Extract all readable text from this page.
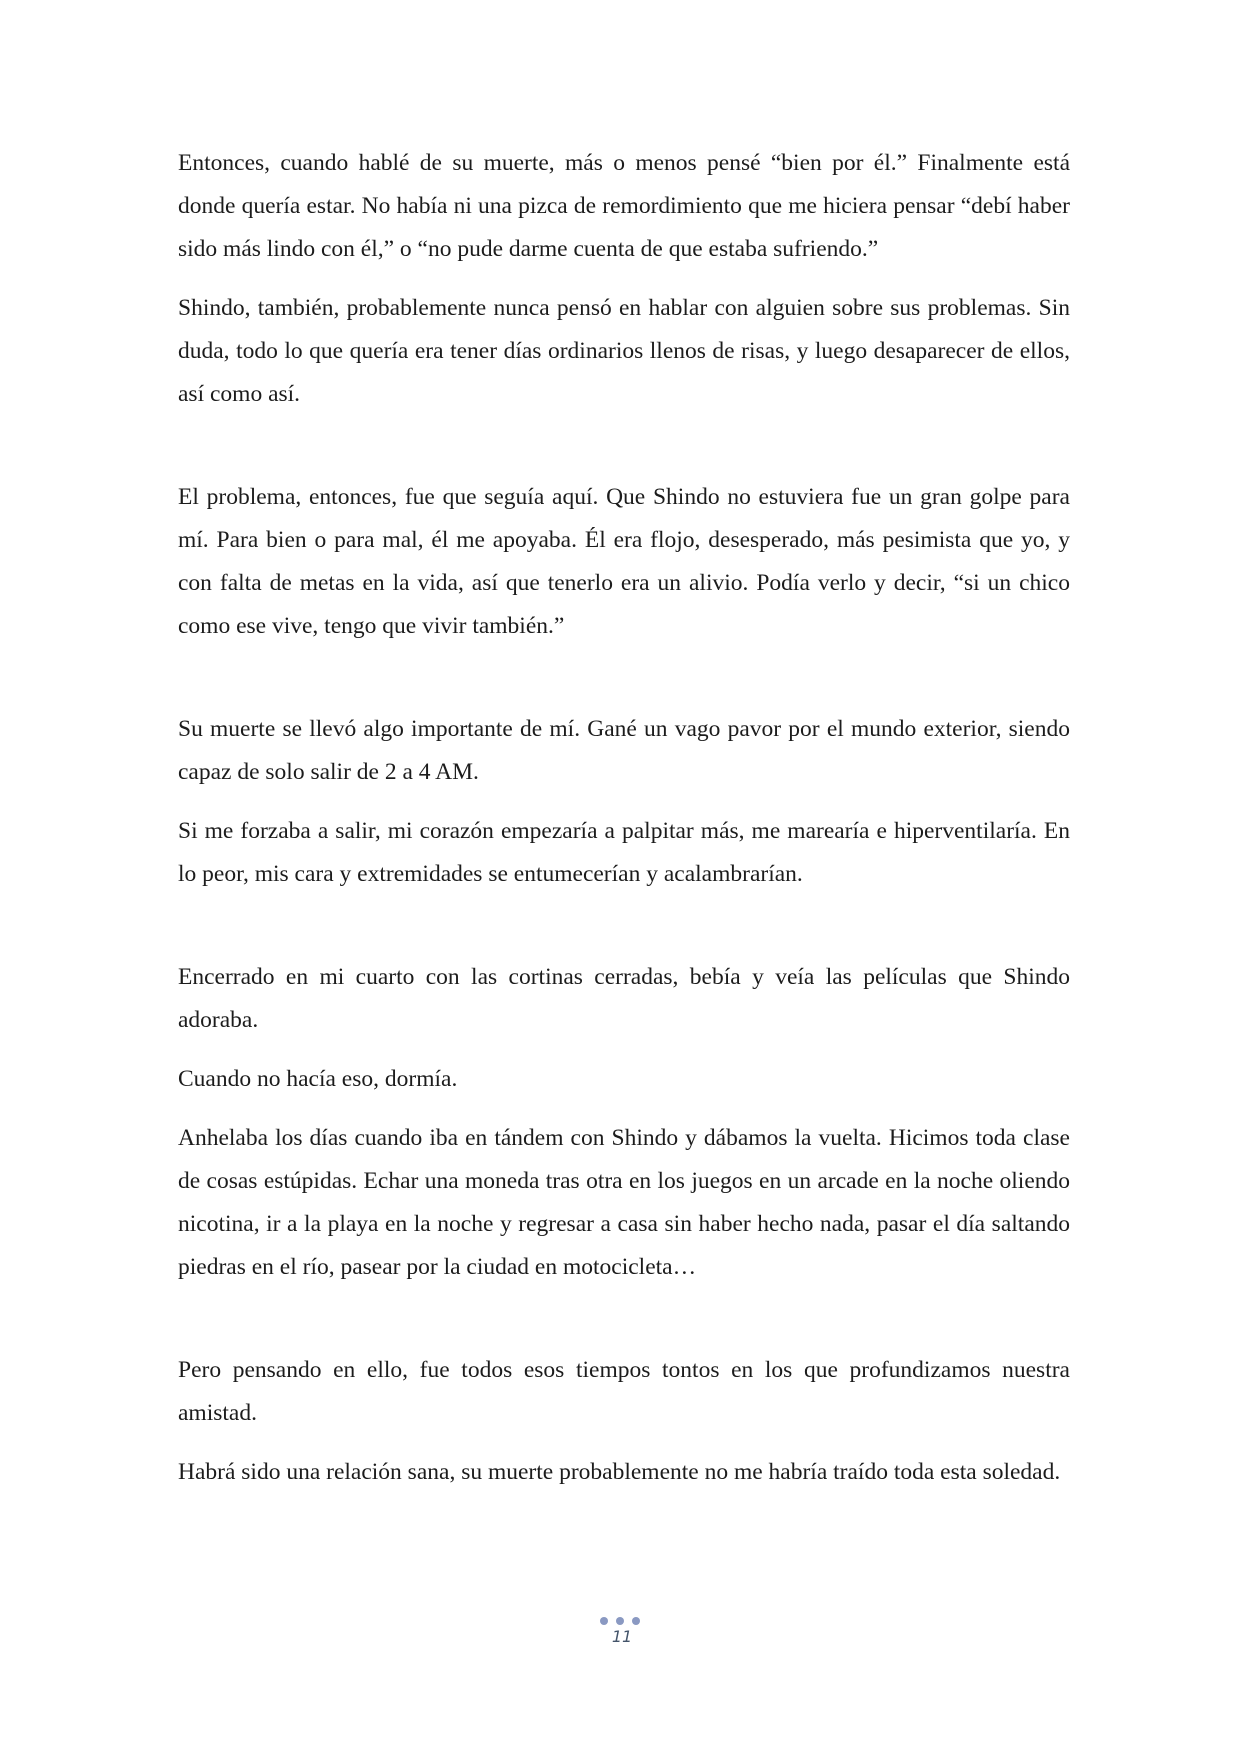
Entonces, cuando hablé de su muerte, más o menos pensé “bien por él.” Finalmente está donde quería estar. No había ni una pizca de remordimiento que me hiciera pensar “debí haber sido más lindo con él,” o “no pude darme cuenta de que estaba sufriendo.”

Shindo, también, probablemente nunca pensó en hablar con alguien sobre sus problemas. Sin duda, todo lo que quería era tener días ordinarios llenos de risas, y luego desaparecer de ellos, así como así.

El problema, entonces, fue que seguía aquí. Que Shindo no estuviera fue un gran golpe para mí. Para bien o para mal, él me apoyaba. Él era flojo, desesperado, más pesimista que yo, y con falta de metas en la vida, así que tenerlo era un alivio. Podía verlo y decir, “si un chico como ese vive, tengo que vivir también.”

Su muerte se llevó algo importante de mí. Gané un vago pavor por el mundo exterior, siendo capaz de solo salir de 2 a 4 AM.

Si me forzaba a salir, mi corazón empezaría a palpitar más, me marearía e hiperventilaría. En lo peor, mis cara y extremidades se entumecerían y acalambrarían.

Encerrado en mi cuarto con las cortinas cerradas, bebía y veía las películas que Shindo adoraba.

Cuando no hacía eso, dormía.

Anhelaba los días cuando iba en tándem con Shindo y dábamos la vuelta. Hicimos toda clase de cosas estúpidas. Echar una moneda tras otra en los juegos en un arcade en la noche oliendo nicotina, ir a la playa en la noche y regresar a casa sin haber hecho nada, pasar el día saltando piedras en el río, pasear por la ciudad en motocicleta…

Pero pensando en ello, fue todos esos tiempos tontos en los que profundizamos nuestra amistad.

Habrá sido una relación sana, su muerte probablemente no me habría traído toda esta soledad.

11
